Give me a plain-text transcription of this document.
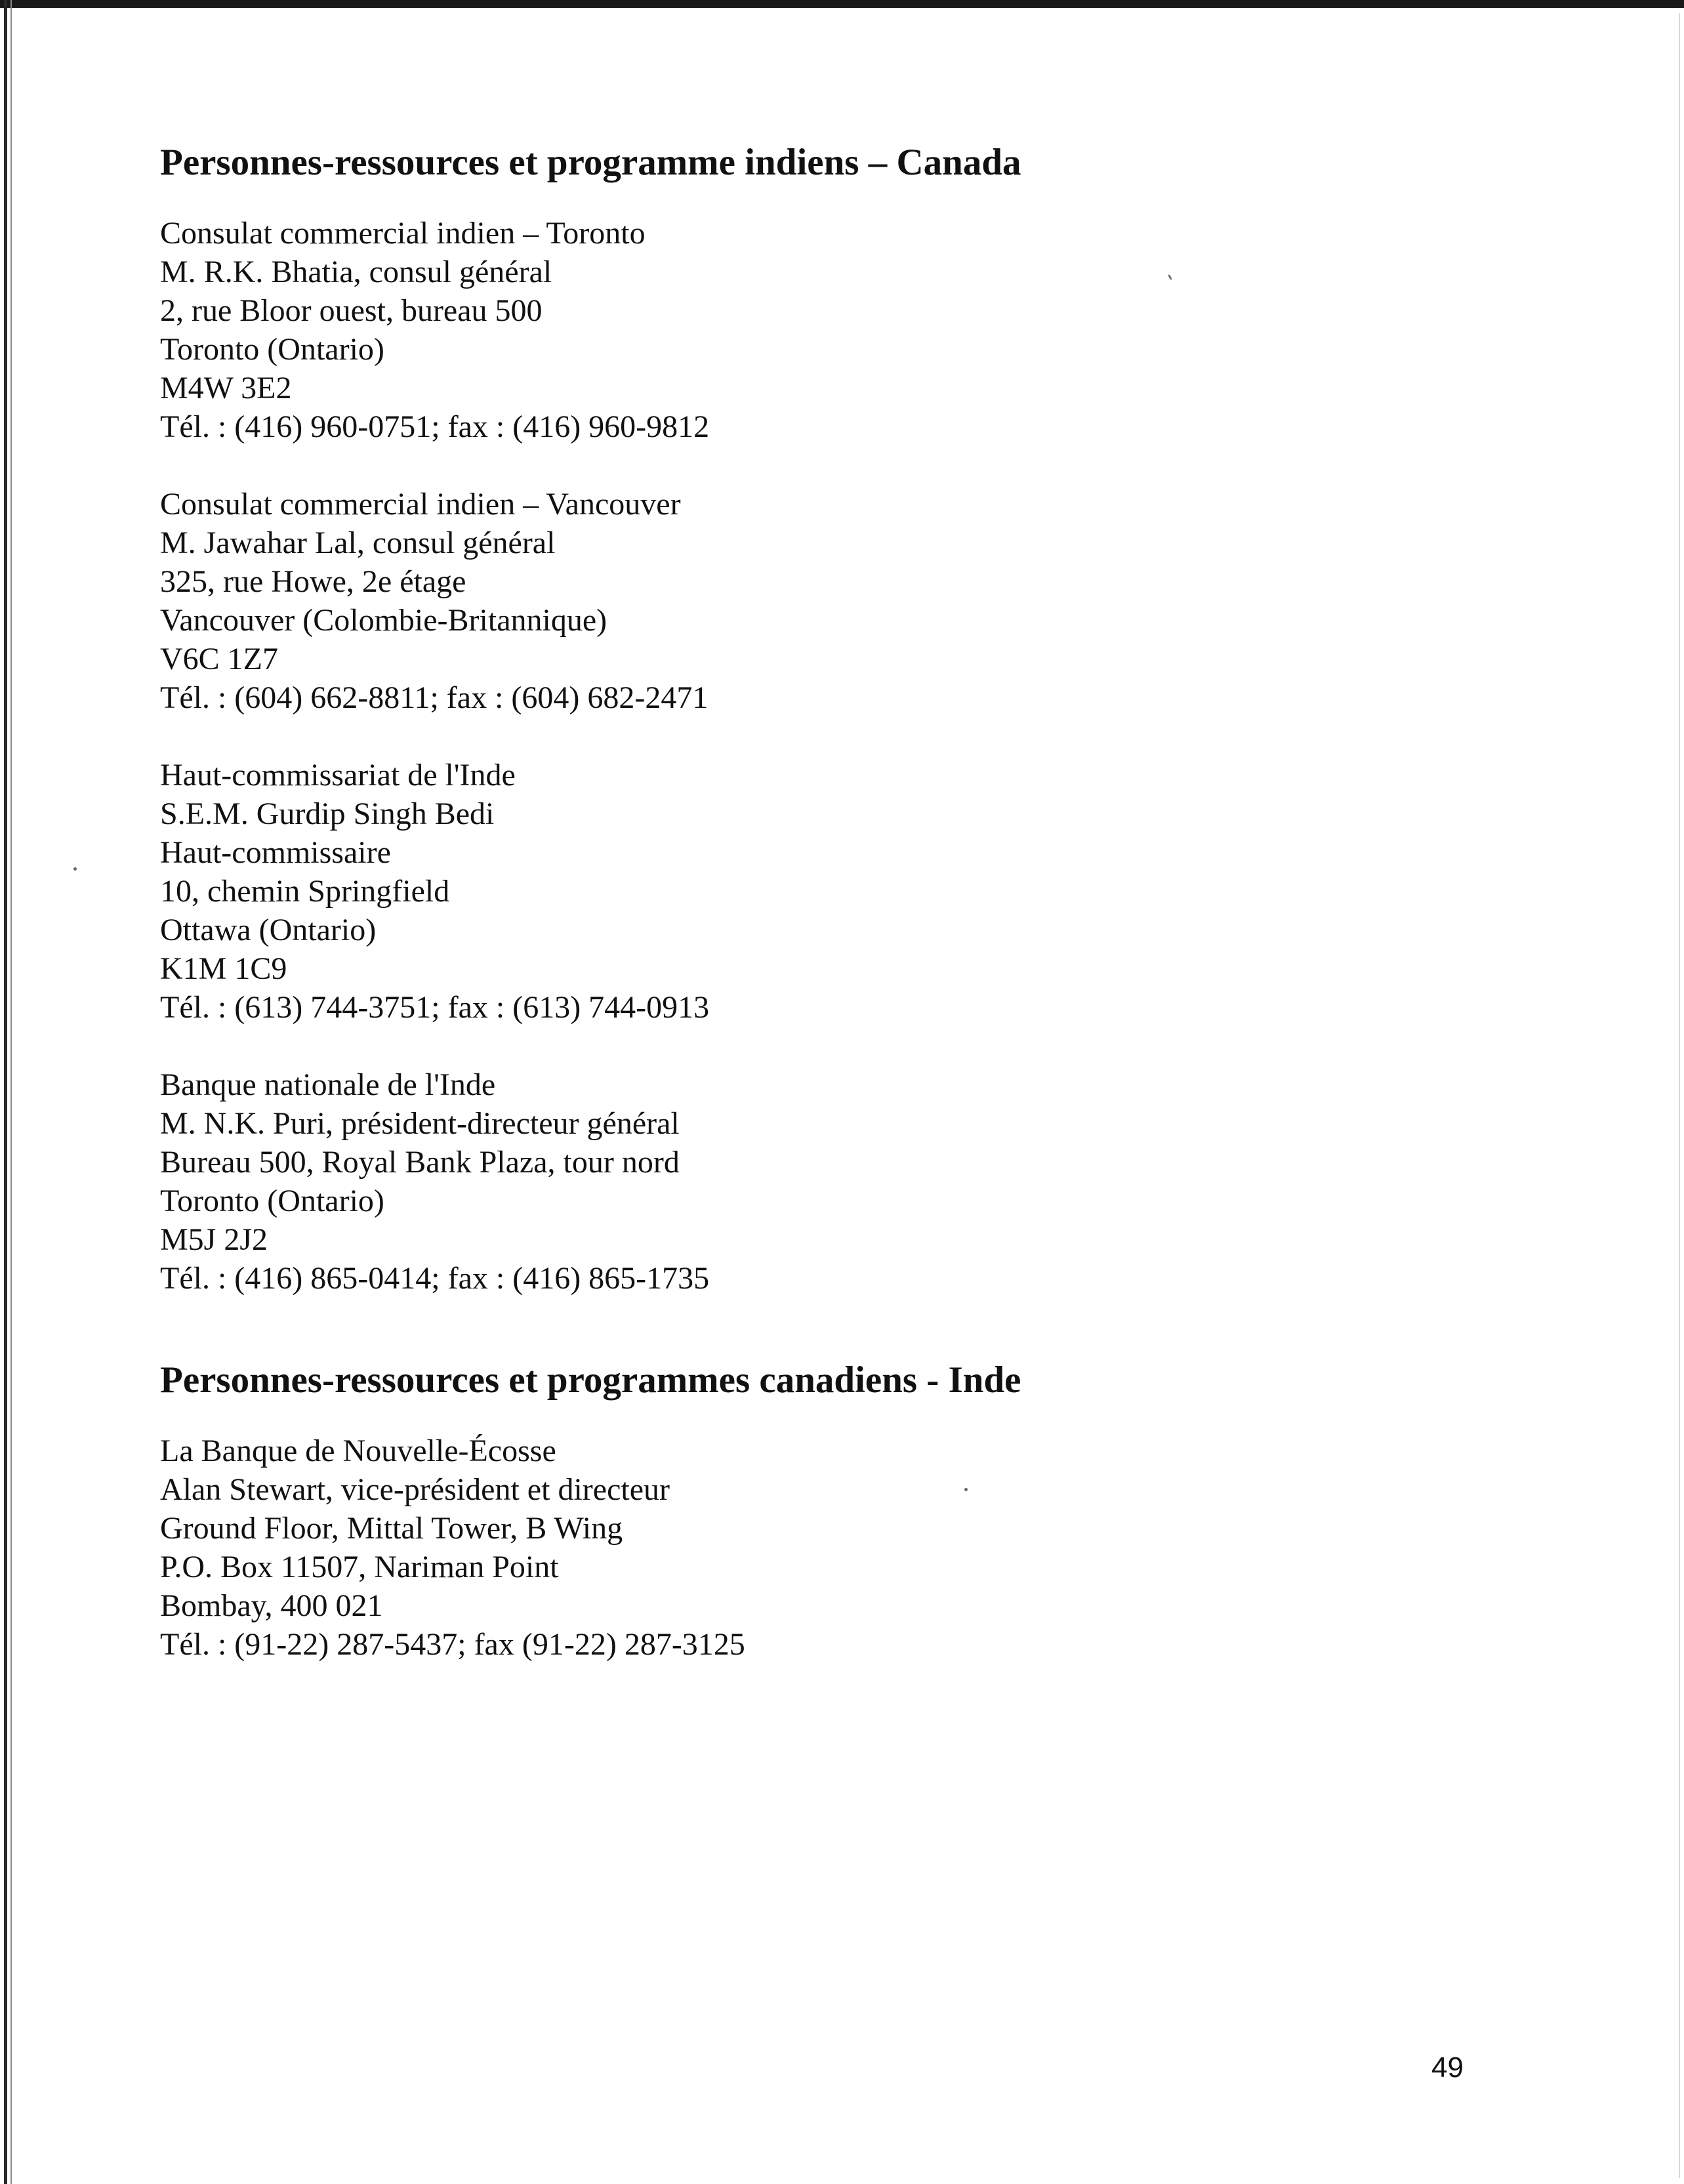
Personnes-ressources et programme indiens – Canada
Consulat commercial indien – Toronto
M. R.K. Bhatia, consul général
2, rue Bloor ouest, bureau 500
Toronto (Ontario)
M4W 3E2
Tél. : (416) 960-0751; fax : (416) 960-9812
Consulat commercial indien – Vancouver
M. Jawahar Lal, consul général
325, rue Howe, 2e étage
Vancouver (Colombie-Britannique)
V6C 1Z7
Tél. : (604) 662-8811; fax : (604) 682-2471
Haut-commissariat de l'Inde
S.E.M. Gurdip Singh Bedi
Haut-commissaire
10, chemin Springfield
Ottawa (Ontario)
K1M 1C9
Tél. : (613) 744-3751; fax : (613) 744-0913
Banque nationale de l'Inde
M. N.K. Puri, président-directeur général
Bureau 500, Royal Bank Plaza, tour nord
Toronto (Ontario)
M5J 2J2
Tél. : (416) 865-0414; fax : (416) 865-1735
Personnes-ressources et programmes canadiens - Inde
La Banque de Nouvelle-Écosse
Alan Stewart, vice-président et directeur
Ground Floor, Mittal Tower, B Wing
P.O. Box 11507, Nariman Point
Bombay, 400 021
Tél. : (91-22) 287-5437; fax (91-22) 287-3125
49
